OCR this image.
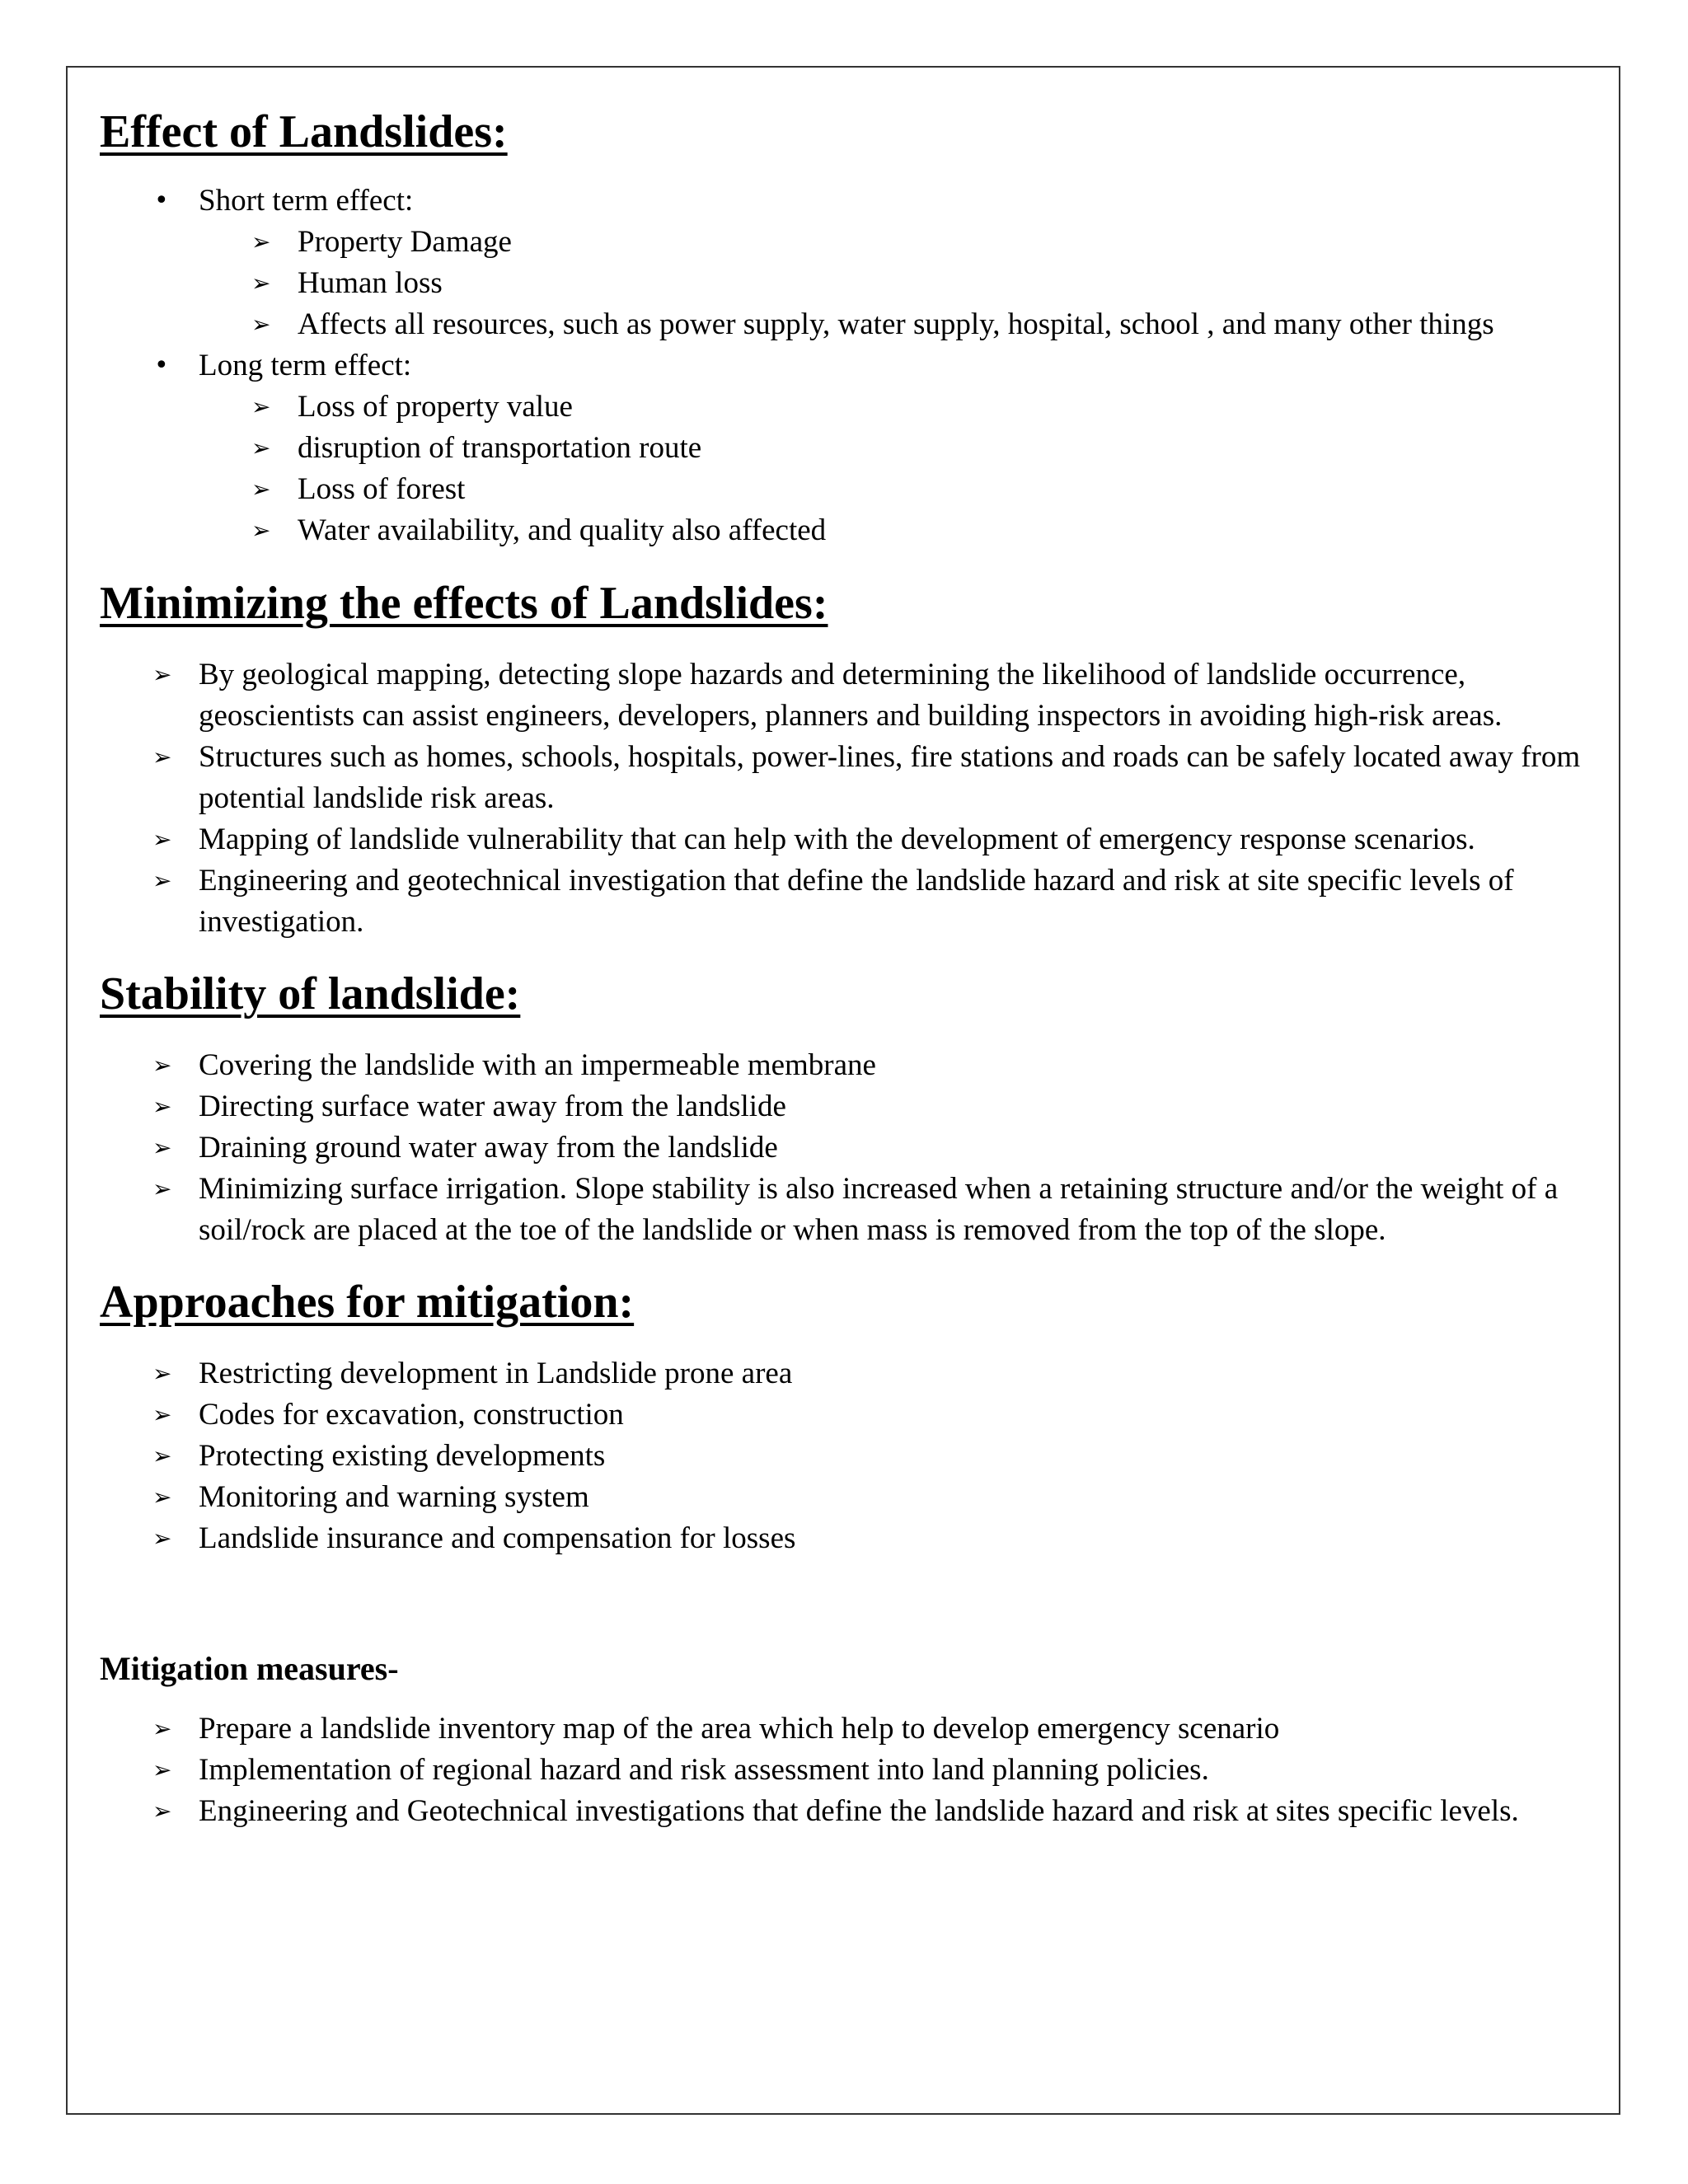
Effect of Landslides:
• Short term effect:
➢ Property Damage
➢ Human loss
➢ Affects all resources, such as power supply, water supply, hospital, school , and many other things
• Long term effect:
➢ Loss of property value
➢ disruption of transportation route
➢ Loss of forest
➢ Water availability, and quality also affected
Minimizing the effects of Landslides:
➢ By geological mapping, detecting slope hazards and determining the likelihood of landslide occurrence, geoscientists can assist engineers, developers, planners and building inspectors in avoiding high-risk areas.
➢ Structures such as homes, schools, hospitals, power-lines, fire stations and roads can be safely located away from potential landslide risk areas.
➢ Mapping of landslide vulnerability that can help with the development of emergency response scenarios.
➢ Engineering and geotechnical investigation that define the landslide hazard and risk at site specific levels of investigation.
Stability of landslide:
➢ Covering the landslide with an impermeable membrane
➢ Directing surface water away from the landslide
➢ Draining ground water away from the landslide
➢ Minimizing surface irrigation. Slope stability is also increased when a retaining structure and/or the weight of a soil/rock are placed at the toe of the landslide or when mass is removed from the top of the slope.
Approaches for mitigation:
➢ Restricting development in Landslide prone area
➢ Codes for excavation, construction
➢ Protecting existing developments
➢ Monitoring and warning system
➢ Landslide insurance and compensation for losses
Mitigation measures-
➢ Prepare a landslide inventory map of the area which help to develop emergency scenario
➢ Implementation of regional hazard and risk assessment into land planning policies.
➢ Engineering and Geotechnical investigations that define the landslide hazard and risk at sites specific levels.
